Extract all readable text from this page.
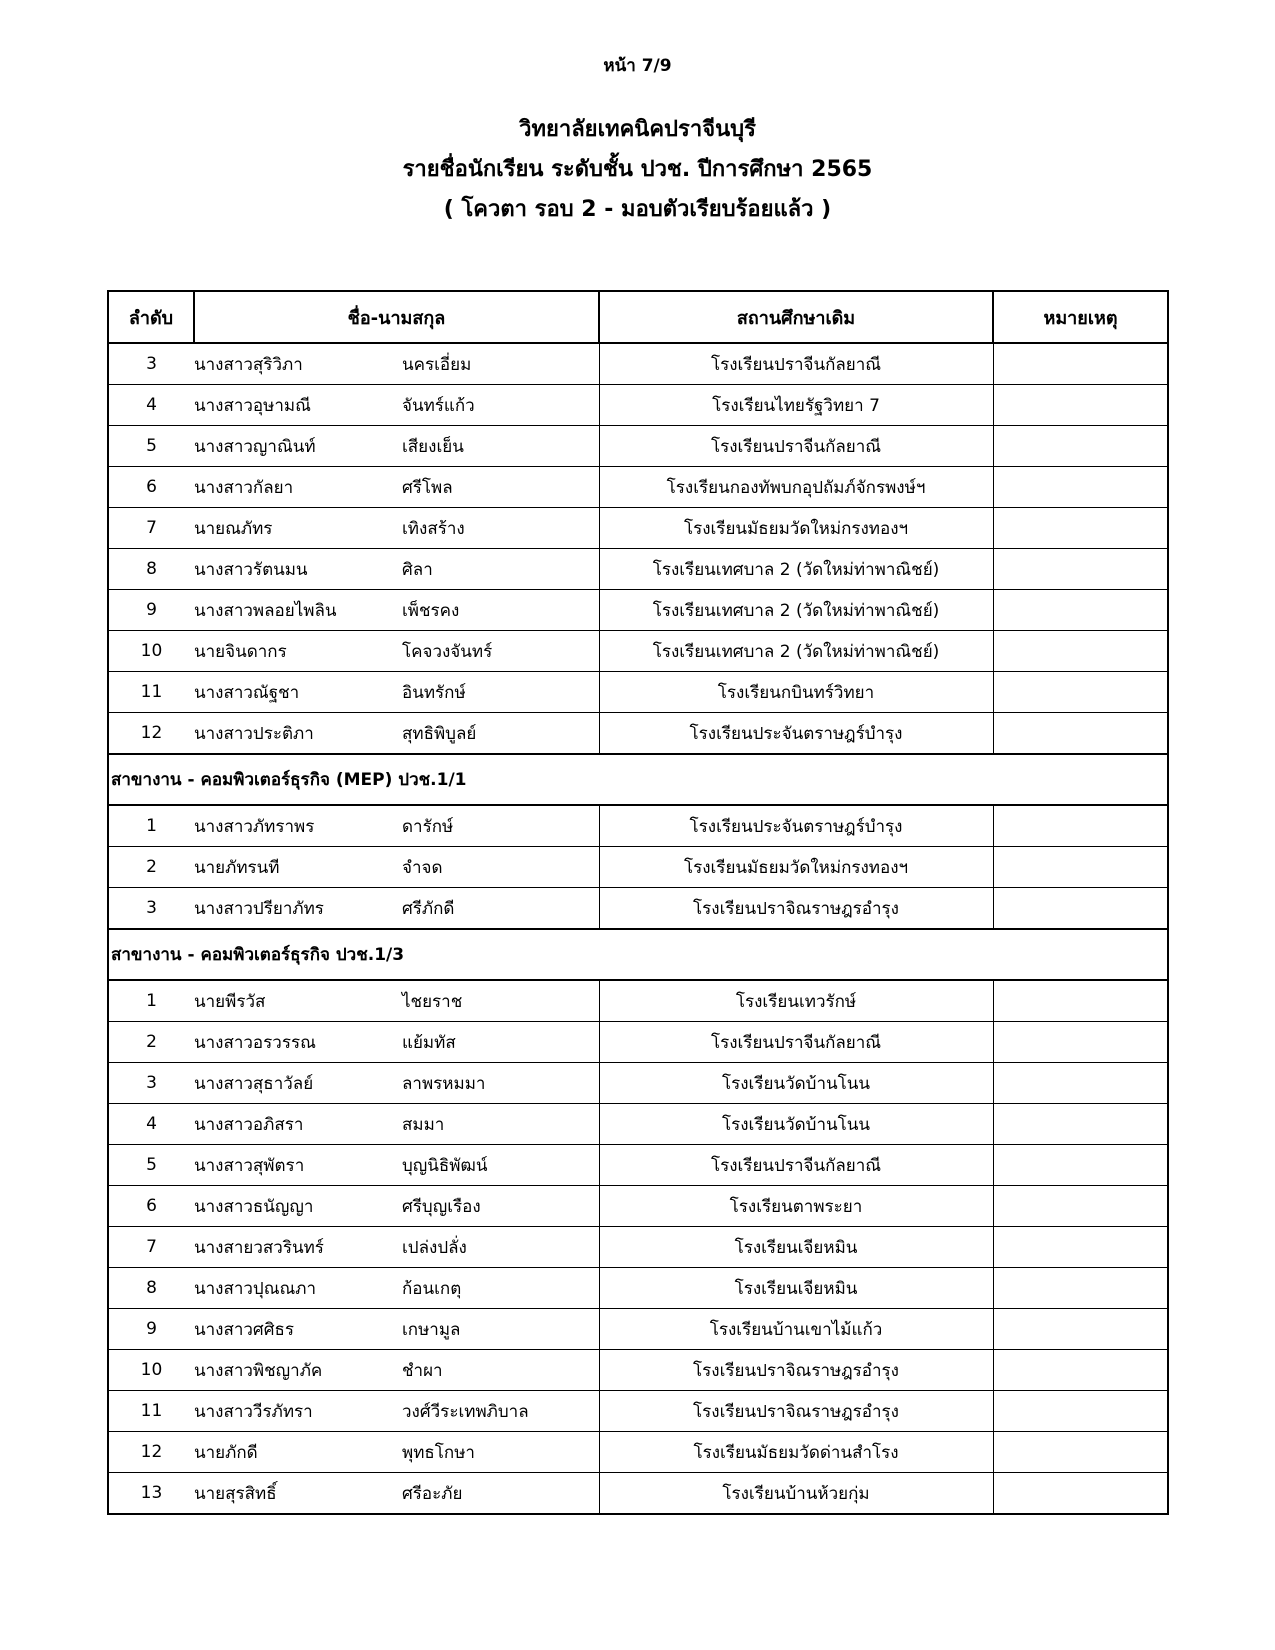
หน้า 7/9
วิทยาลัยเทคนิคปราจีนบุรี
รายชื่อนักเรียน ระดับชั้น ปวช. ปีการศึกษา 2565
( โควตา รอบ 2 - มอบตัวเรียบร้อยแล้ว )
ลำดับ	ชื่อ-นามสกุล	สถานศึกษาเดิม	หมายเหตุ
3	นางสาวสุริวิภา นครเอี่ยม	โรงเรียนปราจีนกัลยาณี	
4	นางสาวอุษามณี จันทร์แก้ว	โรงเรียนไทยรัฐวิทยา 7	
5	นางสาวญาณินท์ เสียงเย็น	โรงเรียนปราจีนกัลยาณี	
6	นางสาวกัลยา ศรีโพล	โรงเรียนกองทัพบกอุปถัมภ์จักรพงษ์ฯ	
7	นายณภัทร เทิงสร้าง	โรงเรียนมัธยมวัดใหม่กรงทองฯ	
8	นางสาวรัตนมน ศิลา	โรงเรียนเทศบาล 2 (วัดใหม่ท่าพาณิชย์)	
9	นางสาวพลอยไพลิน เพ็ชรคง	โรงเรียนเทศบาล 2 (วัดใหม่ท่าพาณิชย์)	
10	นายจินดากร โคจวงจันทร์	โรงเรียนเทศบาล 2 (วัดใหม่ท่าพาณิชย์)	
11	นางสาวณัฐชา อินทรักษ์	โรงเรียนกบินทร์วิทยา	
12	นางสาวประติภา สุทธิพิบูลย์	โรงเรียนประจันตราษฎร์บำรุง	
สาขางาน - คอมพิวเตอร์ธุรกิจ (MEP) ปวช.1/1			
1	นางสาวภัทราพร ดารักษ์	โรงเรียนประจันตราษฎร์บำรุง	
2	นายภัทรนที จำจด	โรงเรียนมัธยมวัดใหม่กรงทองฯ	
3	นางสาวปรียาภัทร ศรีภักดี	โรงเรียนปราจิณราษฎรอำรุง	
สาขางาน - คอมพิวเตอร์ธุรกิจ ปวช.1/3			
1	นายพีรวัส ไชยราช	โรงเรียนเทวรักษ์	
2	นางสาวอรวรรณ แย้มทัส	โรงเรียนปราจีนกัลยาณี	
3	นางสาวสุธาวัลย์ ลาพรหมมา	โรงเรียนวัดบ้านโนน	
4	นางสาวอภิสรา สมมา	โรงเรียนวัดบ้านโนน	
5	นางสาวสุพัตรา บุญนิธิพัฒน์	โรงเรียนปราจีนกัลยาณี	
6	นางสาวธนัญญา ศรีบุญเรือง	โรงเรียนตาพระยา	
7	นางสายวสวรินทร์ เปล่งปลั่ง	โรงเรียนเจียหมิน	
8	นางสาวปุณณภา ก้อนเกตุ	โรงเรียนเจียหมิน	
9	นางสาวศศิธร เกษามูล	โรงเรียนบ้านเขาไม้แก้ว	
10	นางสาวพิชญาภัค ชำผา	โรงเรียนปราจิณราษฎรอำรุง	
11	นางสาววีรภัทรา วงศ์วีระเทพภิบาล	โรงเรียนปราจิณราษฎรอำรุง	
12	นายภักดี พุทธโกษา	โรงเรียนมัธยมวัดด่านสำโรง	
13	นายสุรสิทธิ์ ศรีอะภัย	โรงเรียนบ้านห้วยกุ่ม	
